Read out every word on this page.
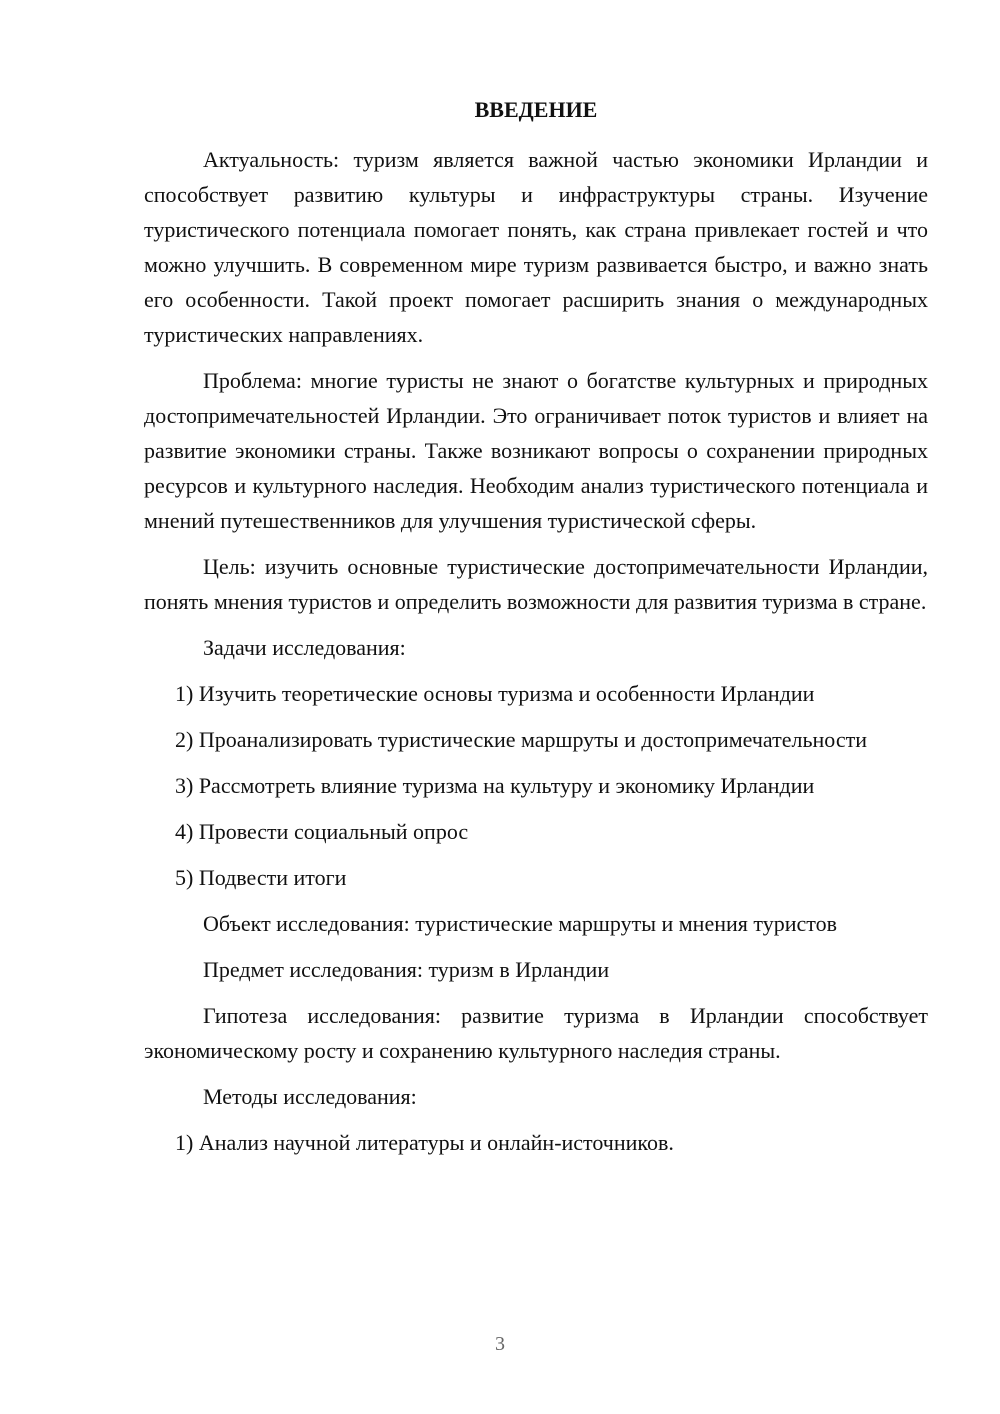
ВВЕДЕНИЕ

Актуальность: туризм является важной частью экономики Ирландии и способствует развитию культуры и инфраструктуры страны. Изучение туристического потенциала помогает понять, как страна привлекает гостей и что можно улучшить. В современном мире туризм развивается быстро, и важно знать его особенности. Такой проект помогает расширить знания о международных туристических направлениях.

Проблема: многие туристы не знают о богатстве культурных и природных достопримечательностей Ирландии. Это ограничивает поток туристов и влияет на развитие экономики страны. Также возникают вопросы о сохранении природных ресурсов и культурного наследия. Необходим анализ туристического потенциала и мнений путешественников для улучшения туристической сферы.

Цель: изучить основные туристические достопримечательности Ирландии, понять мнения туристов и определить возможности для развития туризма в стране.

Задачи исследования:

1) Изучить теоретические основы туризма и особенности Ирландии

2) Проанализировать туристические маршруты и достопримечательности

3) Рассмотреть влияние туризма на культуру и экономику Ирландии

4) Провести социальный опрос

5) Подвести итоги

Объект исследования: туристические маршруты и мнения туристов

Предмет исследования: туризм в Ирландии

Гипотеза исследования: развитие туризма в Ирландии способствует экономическому росту и сохранению культурного наследия страны.

Методы исследования:

1) Анализ научной литературы и онлайн-источников.

3
